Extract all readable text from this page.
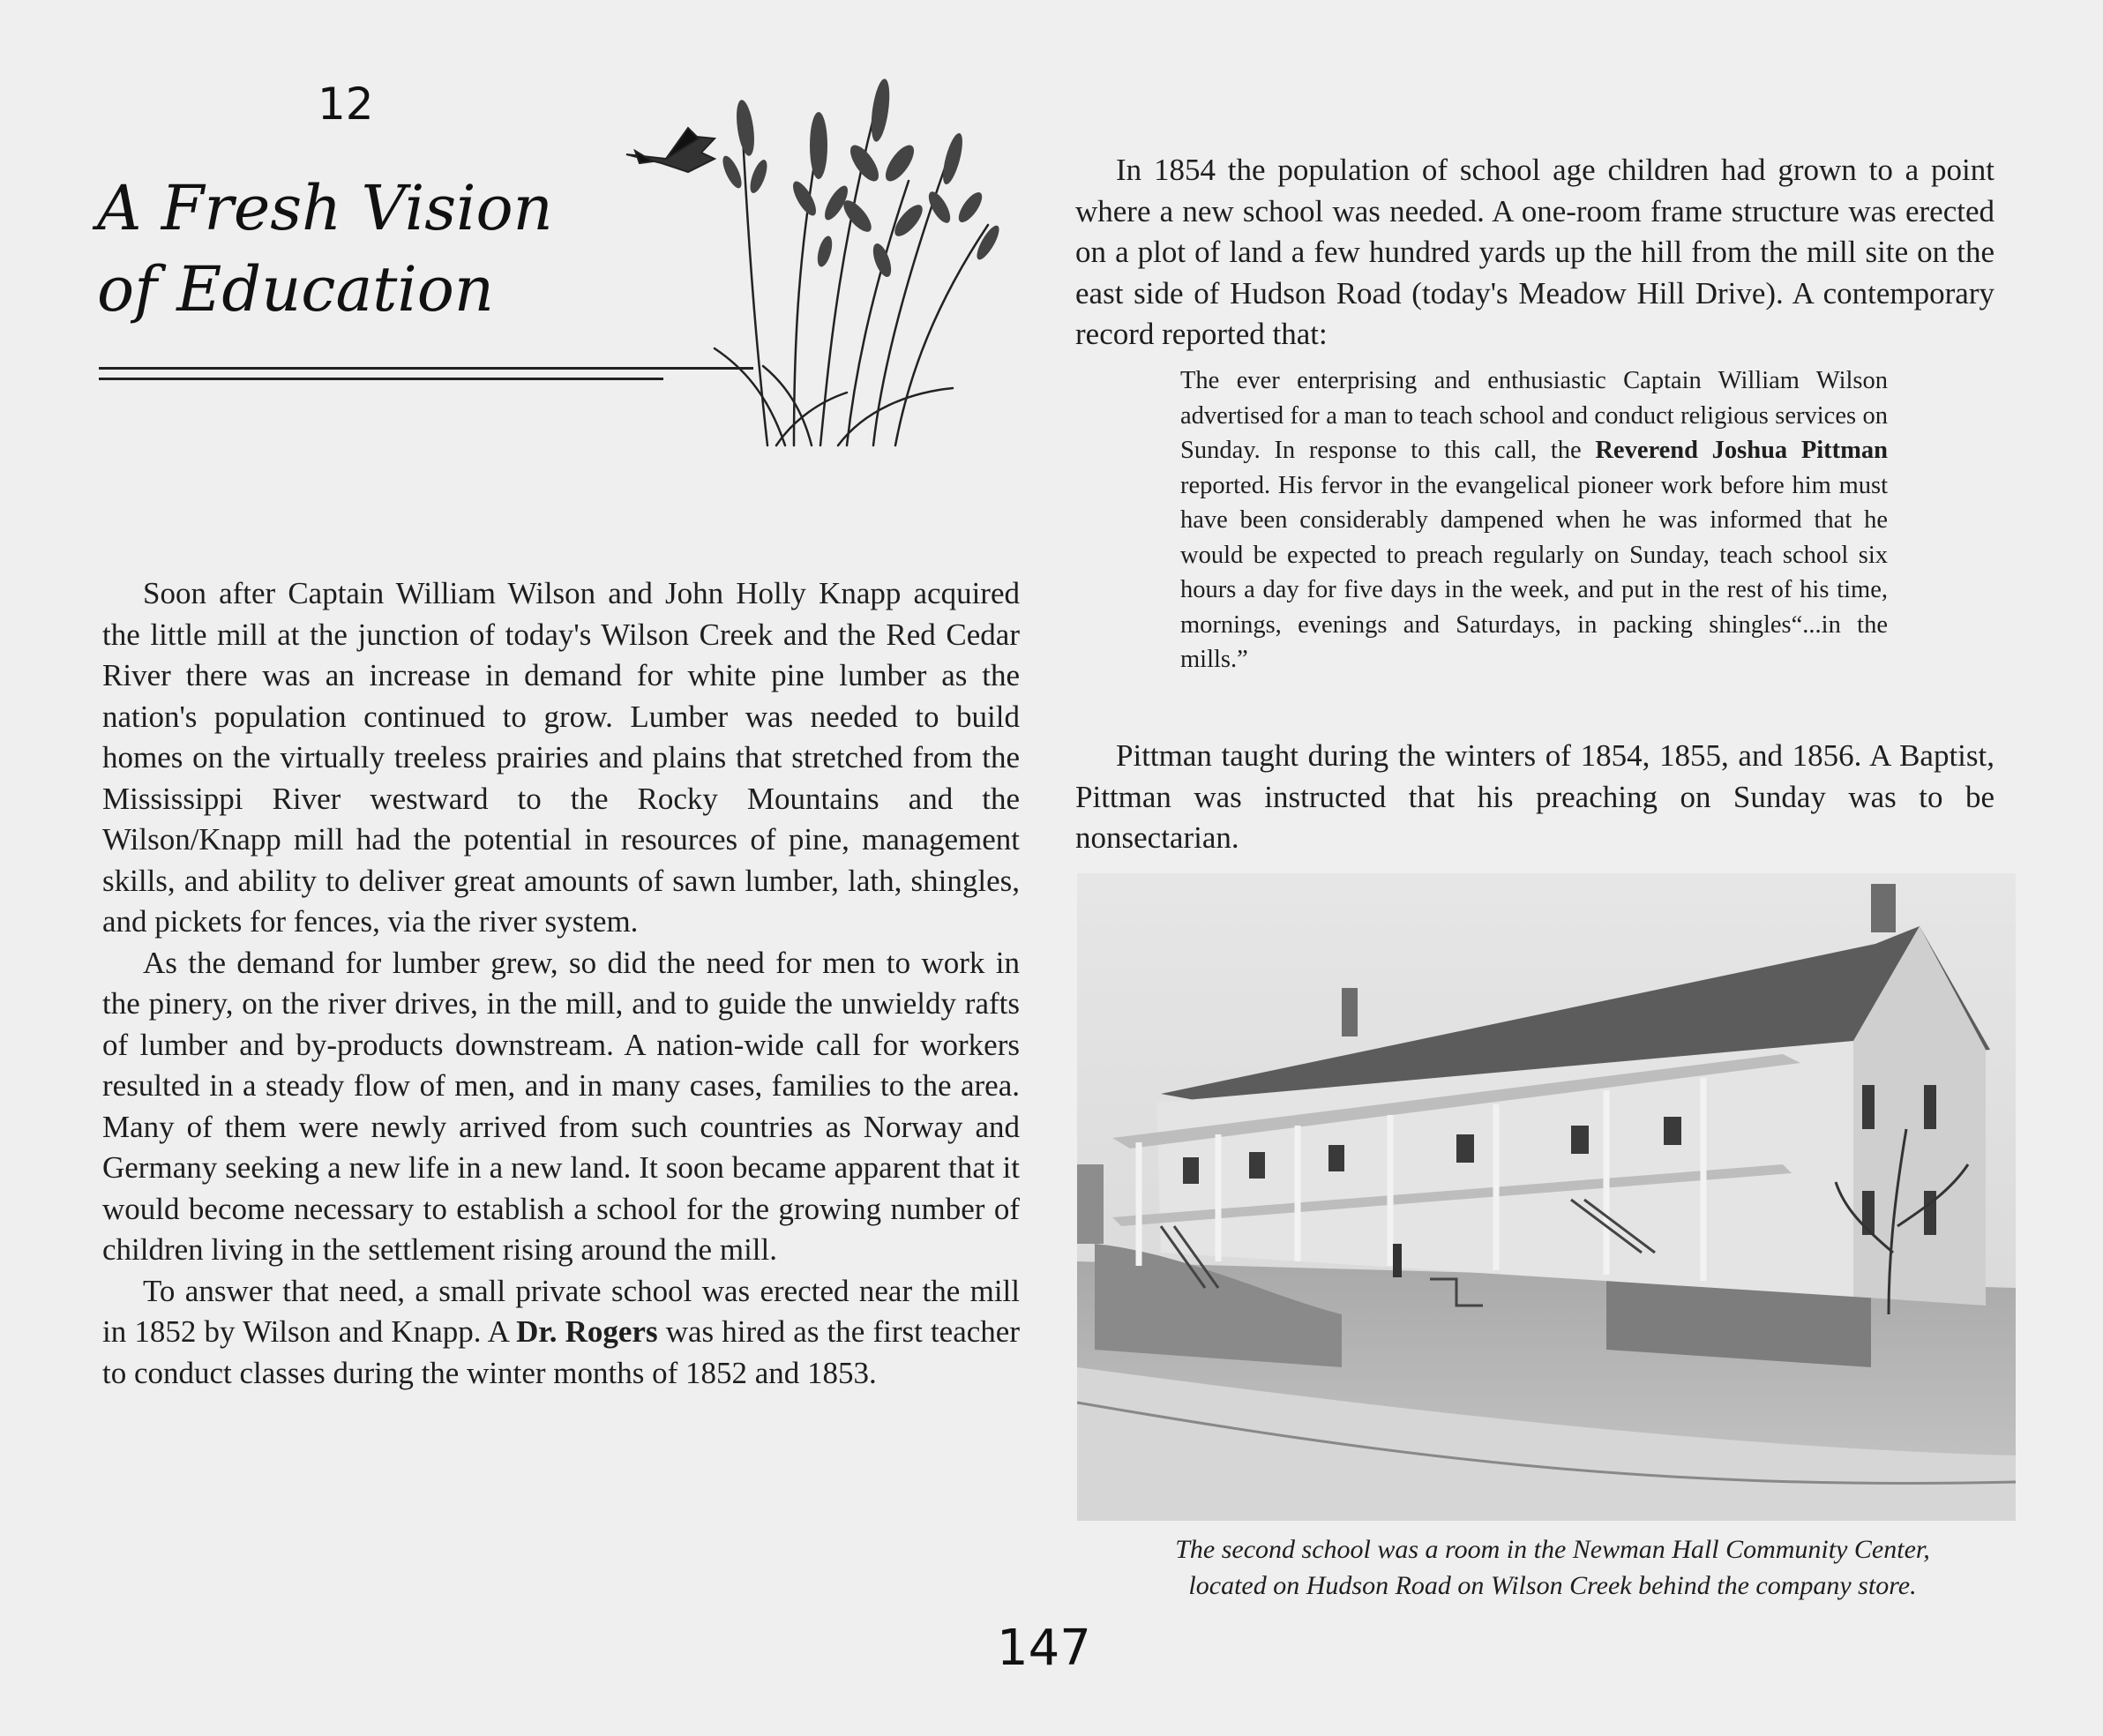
12
A Fresh Vision
of Education

Soon after Captain William Wilson and John Holly Knapp acquired the little mill at the junction of today's Wilson Creek and the Red Cedar River there was an increase in demand for white pine lumber as the nation's population continued to grow. Lumber was needed to build homes on the virtually treeless prairies and plains that stretched from the Mississippi River westward to the Rocky Mountains and the Wilson/Knapp mill had the potential in resources of pine, management skills, and ability to deliver great amounts of sawn lumber, lath, shingles, and pickets for fences, via the river system.

As the demand for lumber grew, so did the need for men to work in the pinery, on the river drives, in the mill, and to guide the unwieldy rafts of lumber and by-products downstream. A nation-wide call for workers resulted in a steady flow of men, and in many cases, families to the area. Many of them were newly arrived from such countries as Norway and Germany seeking a new life in a new land. It soon became apparent that it would become necessary to establish a school for the growing number of children living in the settlement rising around the mill.

To answer that need, a small private school was erected near the mill in 1852 by Wilson and Knapp. A Dr. Rogers was hired as the first teacher to conduct classes during the winter months of 1852 and 1853.

In 1854 the population of school age children had grown to a point where a new school was needed. A one-room frame structure was erected on a plot of land a few hundred yards up the hill from the mill site on the east side of Hudson Road (today's Meadow Hill Drive). A contemporary record reported that:

The ever enterprising and enthusiastic Captain William Wilson advertised for a man to teach school and conduct religious services on Sunday. In response to this call, the Reverend Joshua Pittman reported. His fervor in the evangelical pioneer work before him must have been considerably dampened when he was informed that he would be expected to preach regularly on Sunday, teach school six hours a day for five days in the week, and put in the rest of his time, mornings, evenings and Saturdays, in packing shingles“...in the mills.”

Pittman taught during the winters of 1854, 1855, and 1856. A Baptist, Pittman was instructed that his preaching on Sunday was to be nonsectarian.

The second school was a room in the Newman Hall Community Center,
located on Hudson Road on Wilson Creek behind the company store.
147
